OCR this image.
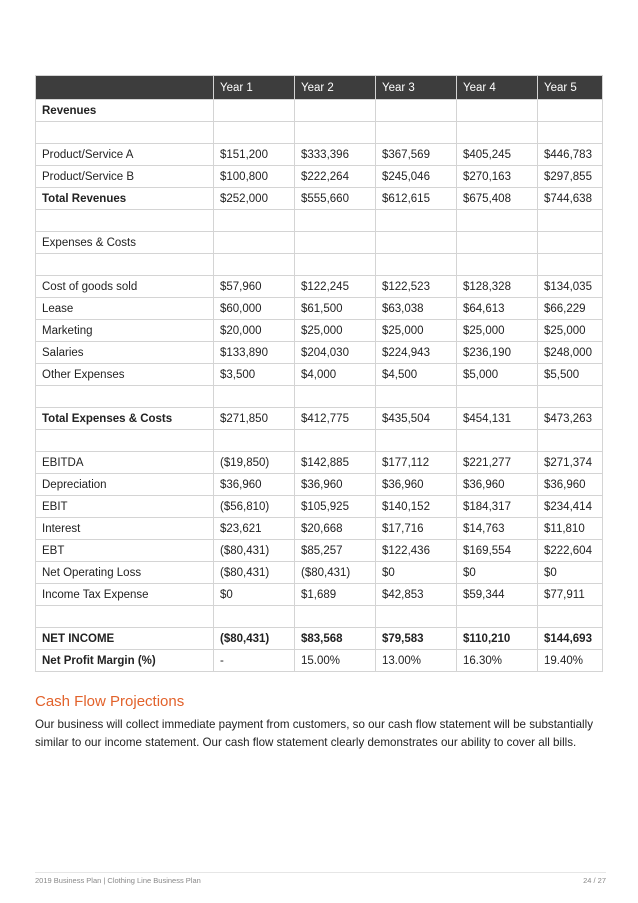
	Year 1	Year 2	Year 3	Year 4	Year 5
Revenues					

Product/Service A	$151,200	$333,396	$367,569	$405,245	$446,783
Product/Service B	$100,800	$222,264	$245,046	$270,163	$297,855
Total Revenues	$252,000	$555,660	$612,615	$675,408	$744,638

Expenses & Costs					

Cost of goods sold	$57,960	$122,245	$122,523	$128,328	$134,035
Lease	$60,000	$61,500	$63,038	$64,613	$66,229
Marketing	$20,000	$25,000	$25,000	$25,000	$25,000
Salaries	$133,890	$204,030	$224,943	$236,190	$248,000
Other Expenses	$3,500	$4,000	$4,500	$5,000	$5,500

Total Expenses & Costs	$271,850	$412,775	$435,504	$454,131	$473,263

EBITDA	($19,850)	$142,885	$177,112	$221,277	$271,374
Depreciation	$36,960	$36,960	$36,960	$36,960	$36,960
EBIT	($56,810)	$105,925	$140,152	$184,317	$234,414
Interest	$23,621	$20,668	$17,716	$14,763	$11,810
EBT	($80,431)	$85,257	$122,436	$169,554	$222,604
Net Operating Loss	($80,431)	($80,431)	$0	$0	$0
Income Tax Expense	$0	$1,689	$42,853	$59,344	$77,911

NET INCOME	($80,431)	$83,568	$79,583	$110,210	$144,693
Net Profit Margin (%)	-	15.00%	13.00%	16.30%	19.40%
Cash Flow Projections

Our business will collect immediate payment from customers, so our cash flow statement will be substantially similar to our income statement. Our cash flow statement clearly demonstrates our ability to cover all bills.

2019 Business Plan | Clothing Line Business Plan	24 / 27
